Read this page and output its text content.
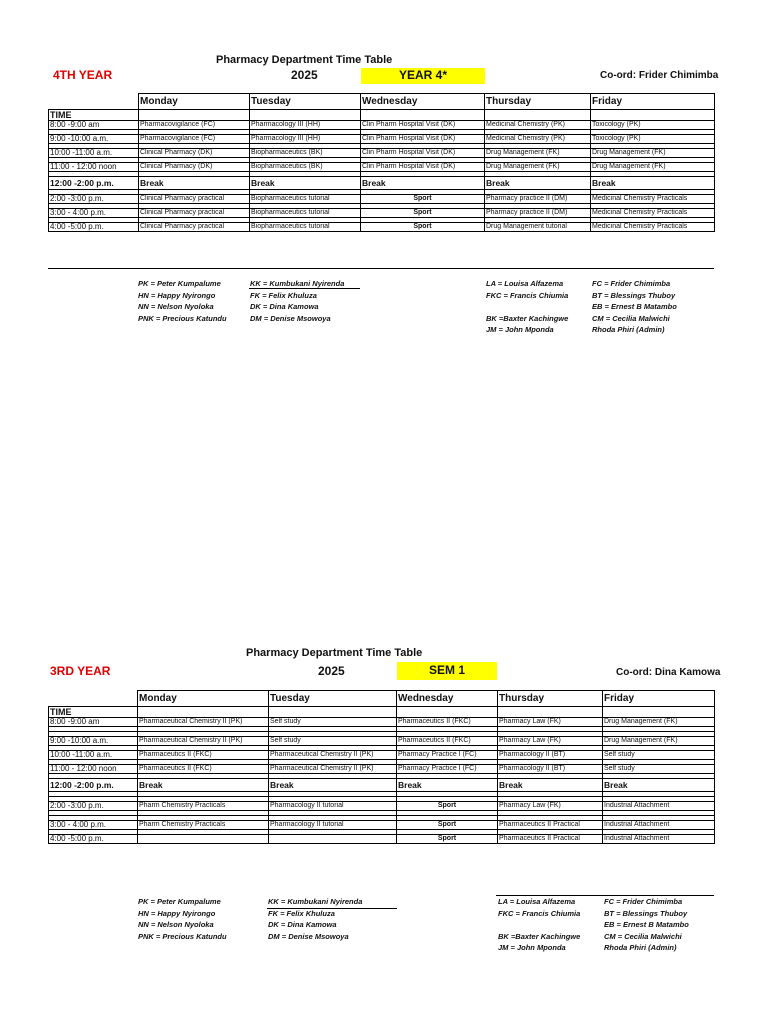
Pharmacy Department Time Table
4TH YEAR	2025	YEAR 4*	Co-ord: Frider Chimimba
	Monday	Tuesday	Wednesday	Thursday	Friday
TIME					
8:00 -9:00 am	Pharmacovigilance (FC)	Pharmacology III (HH)	Clin Pharm Hospital Visit (DK)	Medicinal Chemistry (PK)	Toxicology (PK)

9:00 -10:00 a.m.	Pharmacovigilance (FC)	Pharmacology III (HH)	Clin Pharm Hospital Visit (DK)	Medicinal Chemistry (PK)	Toxicology (PK)

10:00 -11:00 a.m.	Clinical Pharmacy (DK)	Biopharmaceutics (BK)	Clin Pharm Hospital Visit (DK)	Drug Management (FK)	Drug Management (FK)

11:00 - 12:00 noon	Clinical Pharmacy (DK)	Biopharmaceutics (BK)	Clin Pharm Hospital Visit (DK)	Drug Management (FK)	Drug Management (FK)

12:00 -2:00 p.m.	Break	Break	Break	Break	Break

2:00 -3:00 p.m.	Clinical Pharmacy practical	Biopharmaceutics tutorial	Sport	Pharmacy practice II (DM)	Medicinal Chemistry Practicals

3:00 - 4:00 p.m.	Clinical Pharmacy practical	Biopharmaceutics tutorial	Sport	Pharmacy practice II (DM)	Medicinal Chemistry Practicals

4:00 -5:00 p.m.	Clinical Pharmacy practical	Biopharmaceutics tutorial	Sport	Drug Management tutorial	Medicinal Chemistry Practicals
PK = Peter Kumpalume
HN = Happy Nyirongo
NN = Nelson Nyoloka
PNK = Precious Katundu
KK = Kumbukani Nyirenda
FK = Felix Khuluza
DK = Dina Kamowa
DM = Denise Msowoya
LA = Louisa Alfazema
FKC = Francis Chiumia

BK =Baxter Kachingwe
JM = John Mponda
FC = Frider Chimimba
BT = Blessings Thuboy
EB = Ernest B Matambo
CM = Cecilia Malwichi
Rhoda Phiri (Admin)
Pharmacy Department Time Table
3RD YEAR	2025	SEM 1	Co-ord: Dina Kamowa
	Monday	Tuesday	Wednesday	Thursday	Friday
TIME					
8:00 -9:00 am	Pharmaceutical Chemistry II (PK)	Self study	Pharmaceutics II (FKC)	Pharmacy Law (FK)	Drug Management (FK)

9:00 -10:00 a.m.	Pharmaceutical Chemistry II (PK)	Self study	Pharmaceutics II (FKC)	Pharmacy Law (FK)	Drug Management (FK)

10:00 -11:00 a.m.	Pharmaceutics II (FKC)	Pharmaceutical Chemistry II (PK)	Pharmacy Practice I (FC)	Pharmacology II (BT)	Self study

11:00 - 12:00 noon	Pharmaceutics II (FKC)	Pharmaceutical Chemistry II (PK)	Pharmacy Practice I (FC)	Pharmacology II (BT)	Self study

12:00 -2:00 p.m.	Break	Break	Break	Break	Break

2:00 -3:00 p.m.	Pharm Chemistry Practicals	Pharmacology II tutorial	Sport	Pharmacy Law (FK)	Industrial Attachment

3:00 - 4:00 p.m.	Pharm Chemistry Practicals	Pharmacology II tutorial	Sport	Pharmaceutics II Practical	Industrial Attachment

4:00 -5:00 p.m.			Sport	Pharmaceutics II Practical	Industrial Attachment
PK = Peter Kumpalume
HN = Happy Nyirongo
NN = Nelson Nyoloka
PNK = Precious Katundu
KK = Kumbukani Nyirenda
FK = Felix Khuluza
DK = Dina Kamowa
DM = Denise Msowoya
LA = Louisa Alfazema
FKC = Francis Chiumia

BK =Baxter Kachingwe
JM = John Mponda
FC = Frider Chimimba
BT = Blessings Thuboy
EB = Ernest B Matambo
CM = Cecilia Malwichi
Rhoda Phiri (Admin)
